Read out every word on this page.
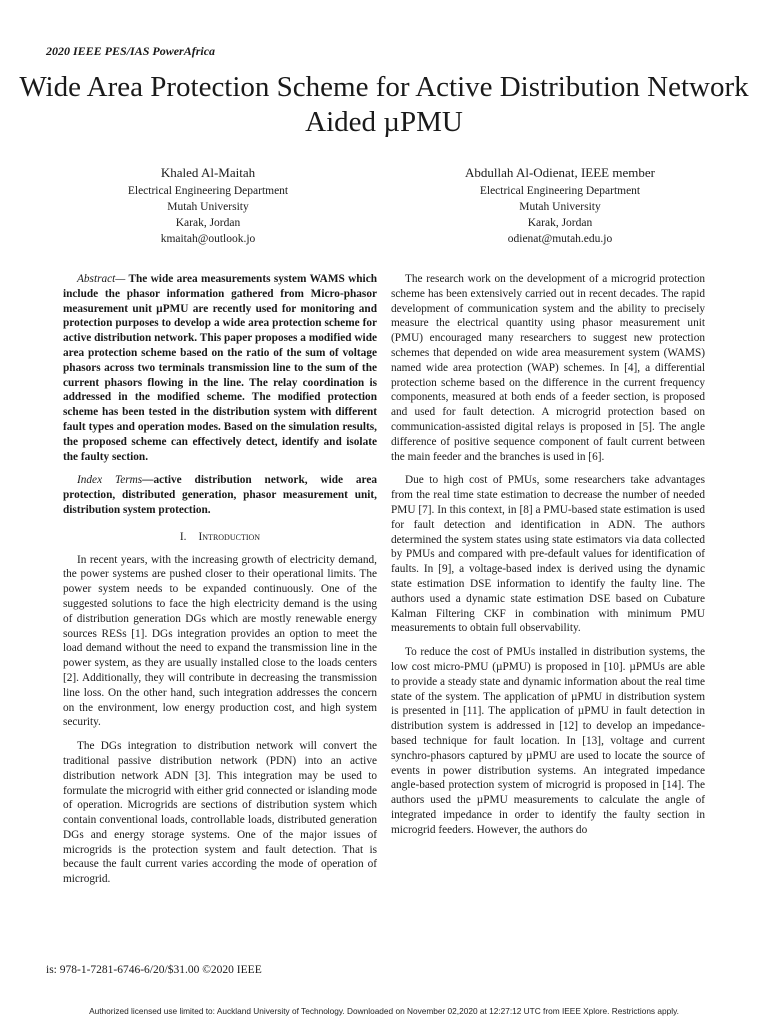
2020 IEEE PES/IAS PowerAfrica
Wide Area Protection Scheme for Active Distribution Network Aided µPMU
Khaled Al-Maitah
Electrical Engineering Department
Mutah University
Karak, Jordan
kmaitah@outlook.jo
Abdullah Al-Odienat, IEEE member
Electrical Engineering Department
Mutah University
Karak, Jordan
odienat@mutah.edu.jo

Abstract— The wide area measurements system WAMS which include the phasor information gathered from Micro-phasor measurement unit µPMU are recently used for monitoring and protection purposes to develop a wide area protection scheme for active distribution network. This paper proposes a modified wide area protection scheme based on the ratio of the sum of voltage phasors across two terminals transmission line to the sum of the current phasors flowing in the line. The relay coordination is addressed in the modified scheme. The modified protection scheme has been tested in the distribution system with different fault types and operation modes. Based on the simulation results, the proposed scheme can effectively detect, identify and isolate the faulty section.

Index Terms—active distribution network, wide area protection, distributed generation, phasor measurement unit, distribution system protection.

I. Introduction

In recent years, with the increasing growth of electricity demand, the power systems are pushed closer to their operational limits. The power system needs to be expanded continuously. One of the suggested solutions to face the high electricity demand is the using of distribution generation DGs which are mostly renewable energy sources RESs [1]. DGs integration provides an option to meet the load demand without the need to expand the transmission line in the power system, as they are usually installed close to the loads centers [2]. Additionally, they will contribute in decreasing the transmission line loss. On the other hand, such integration addresses the concern on the environment, low energy production cost, and high system security.

The DGs integration to distribution network will convert the traditional passive distribution network (PDN) into an active distribution network ADN [3]. This integration may be used to formulate the microgrid with either grid connected or islanding mode of operation. Microgrids are sections of distribution system which contain conventional loads, controllable loads, distributed generation DGs and energy storage systems. One of the major issues of microgrids is the protection system and fault detection. That is because the fault current varies according the mode of operation of microgrid.

The research work on the development of a microgrid protection scheme has been extensively carried out in recent decades. The rapid development of communication system and the ability to precisely measure the electrical quantity using phasor measurement unit (PMU) encouraged many researchers to suggest new protection schemes that depended on wide area measurement system (WAMS) named wide area protection (WAP) schemes. In [4], a differential protection scheme based on the difference in the current frequency components, measured at both ends of a feeder section, is proposed and used for fault detection. A microgrid protection based on communication-assisted digital relays is proposed in [5]. The angle difference of positive sequence component of fault current between the main feeder and the branches is used in [6].

Due to high cost of PMUs, some researchers take advantages from the real time state estimation to decrease the number of needed PMU [7]. In this context, in [8] a PMU-based state estimation is used for fault detection and identification in ADN. The authors determined the system states using state estimators via data collected by PMUs and compared with pre-default values for identification of faults. In [9], a voltage-based index is derived using the dynamic state estimation DSE information to identify the faulty line. The authors used a dynamic state estimation DSE based on Cubature Kalman Filtering CKF in combination with minimum PMU measurements to obtain full observability.

To reduce the cost of PMUs installed in distribution systems, the low cost micro-PMU (µPMU) is proposed in [10]. µPMUs are able to provide a steady state and dynamic information about the real time state of the system. The application of µPMU in distribution system is presented in [11]. The application of µPMU in fault detection in distribution system is addressed in [12] to develop an impedance-based technique for fault location. In [13], voltage and current synchro-phasors captured by µPMU are used to locate the source of events in power distribution systems. An integrated impedance angle-based protection system of microgrid is proposed in [14]. The authors used the µPMU measurements to calculate the angle of integrated impedance in order to identify the faulty section in microgrid feeders. However, the authors do

is: 978-1-7281-6746-6/20/$31.00 ©2020 IEEE
Authorized licensed use limited to: Auckland University of Technology. Downloaded on November 02,2020 at 12:27:12 UTC from IEEE Xplore. Restrictions apply.
